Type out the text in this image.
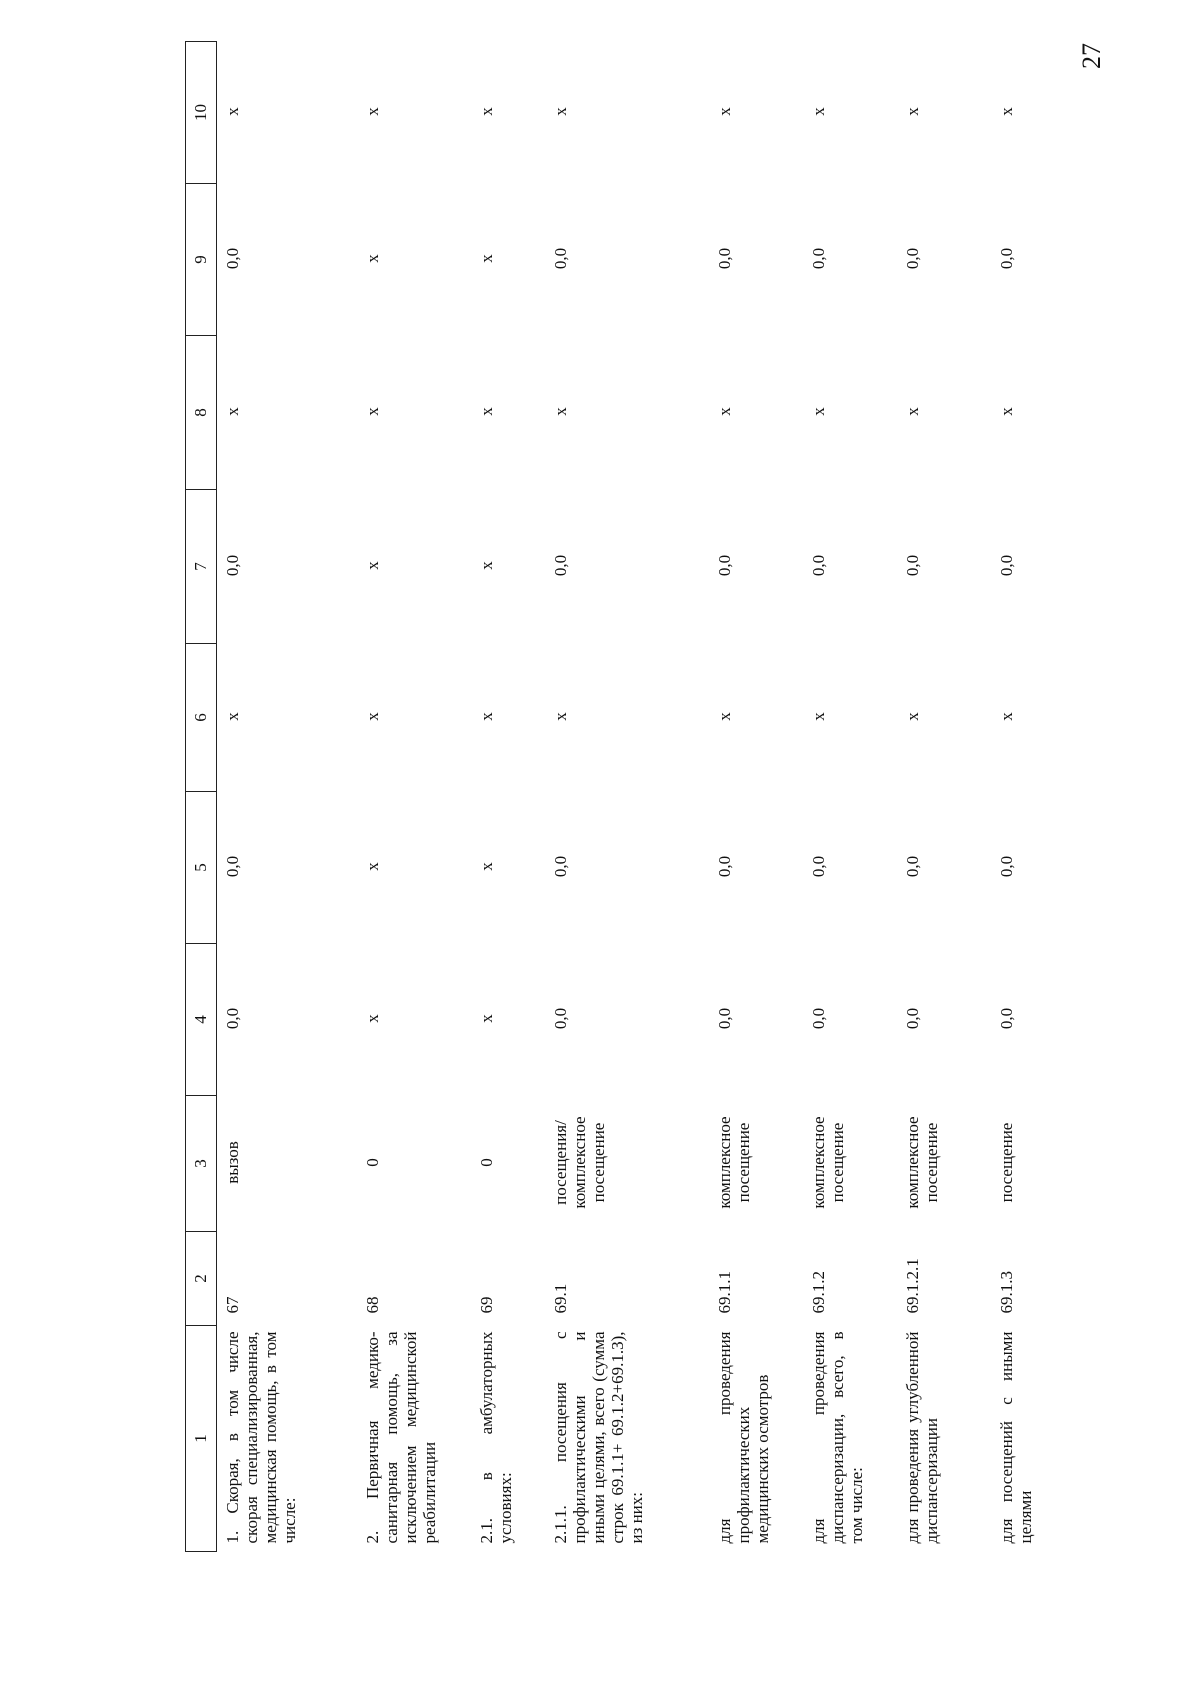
27
1	2	3	4	5	6	7	8	9	10
1. Скорая, в том числе скорая специализированная, медицинская помощь, в том числе:	67	вызов	0,0	0,0	х	0,0	х	0,0	х
2. Первичная медико-санитарная помощь, за исключением медицинской реабилитации	68	0	х	х	х	х	х	х	х
2.1. в амбулаторных условиях:	69	0	х	х	х	х	х	х	х
2.1.1. посещения с профилактическими и иными целями, всего (сумма строк 69.1.1+ 69.1.2+69.1.3), из них:	69.1	посещения/ комплексное посещение	0,0	0,0	х	0,0	х	0,0	х
для проведения профилактических медицинских осмотров	69.1.1	комплексное посещение	0,0	0,0	х	0,0	х	0,0	х
для проведения диспансеризации, всего, в том числе:	69.1.2	комплексное посещение	0,0	0,0	х	0,0	х	0,0	х
для проведения углубленной диспансеризации	69.1.2.1	комплексное посещение	0,0	0,0	х	0,0	х	0,0	х
для посещений с иными целями	69.1.3	посещение	0,0	0,0	х	0,0	х	0,0	х
